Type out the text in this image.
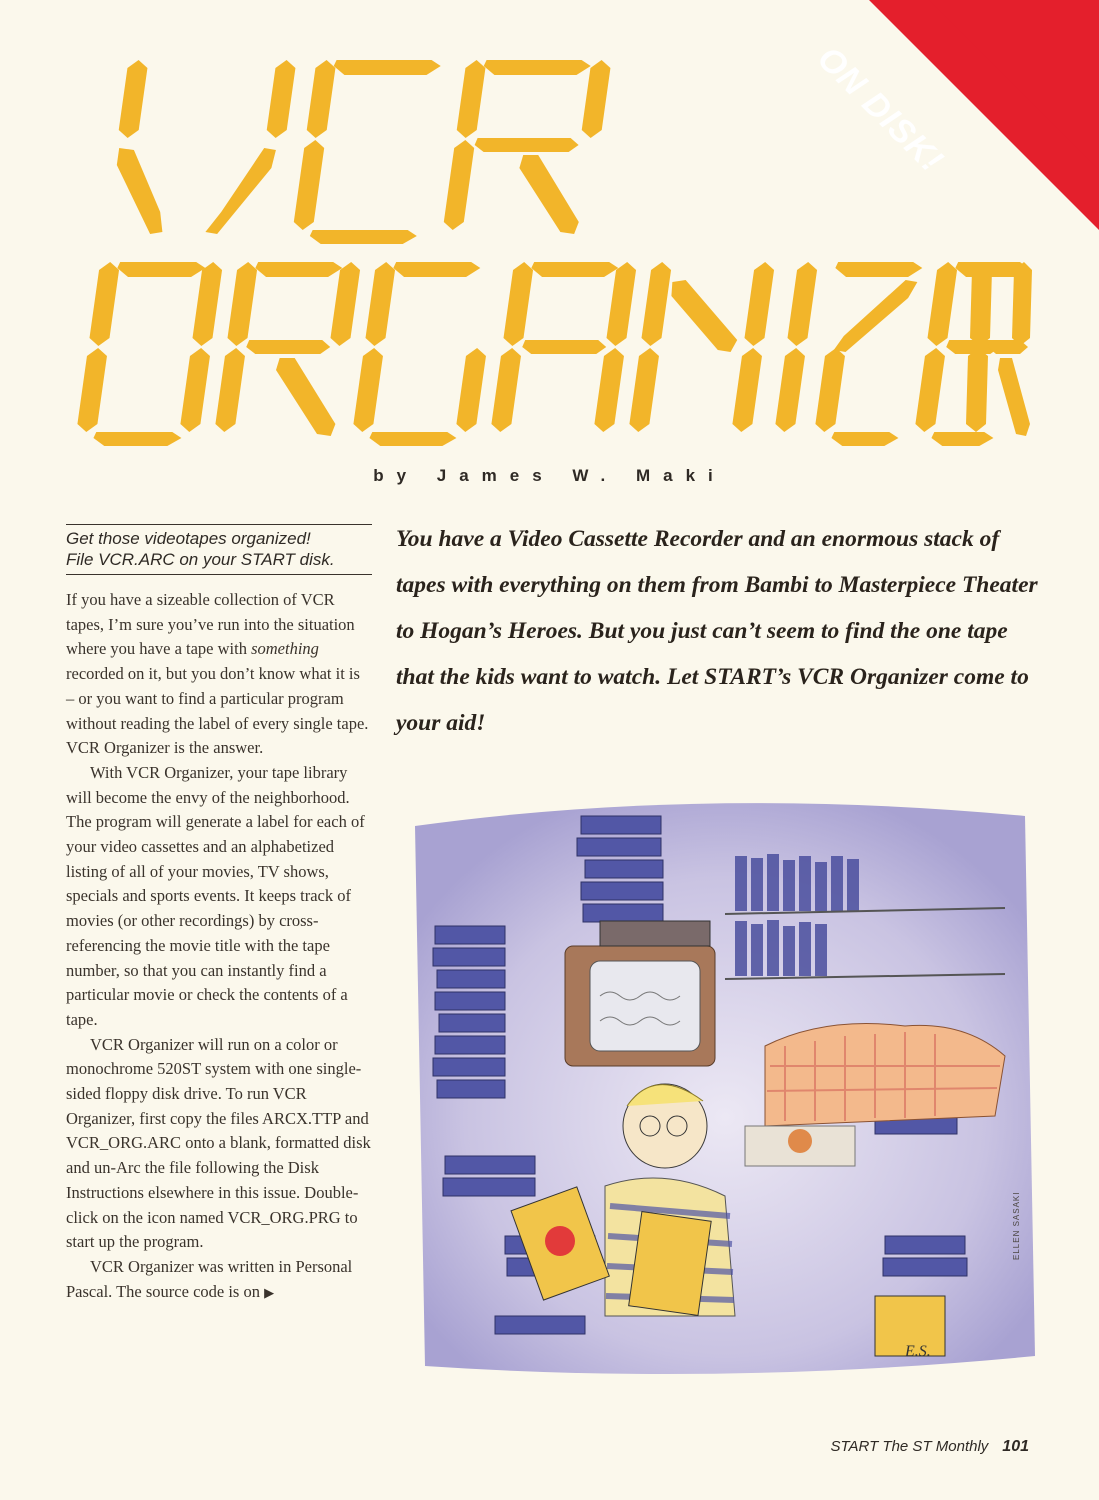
ON DISK!
by James W. Maki
Get those videotapes organized!
File VCR.ARC on your START disk.

If you have a sizeable collection of VCR tapes, I’m sure you’ve run into the situation where you have a tape with something recorded on it, but you don’t know what it is – or you want to find a particular program without reading the label of every single tape. VCR Organizer is the answer.

With VCR Organizer, your tape library will become the envy of the neighborhood. The program will generate a label for each of your video cassettes and an alphabetized listing of all of your movies, TV shows, specials and sports events. It keeps track of movies (or other recordings) by cross-referencing the movie title with the tape number, so that you can instantly find a particular movie or check the contents of a tape.

VCR Organizer will run on a color or monochrome 520ST system with one single-sided floppy disk drive. To run VCR Organizer, first copy the files ARCX.TTP and VCR_ORG.ARC onto a blank, formatted disk and un-Arc the file following the Disk Instructions elsewhere in this issue. Double-click on the icon named VCR_ORG.PRG to start up the program.

VCR Organizer was written in Personal Pascal. The source code is on ▶

You have a Video Cassette Recorder and an enormous stack of tapes with everything on them from Bambi to Masterpiece Theater to Hogan’s Heroes. But you just can’t seem to find the one tape that the kids want to watch. Let START’s VCR Organizer come to your aid!
E.S.
ELLEN SASAKI
START The ST Monthly 101
